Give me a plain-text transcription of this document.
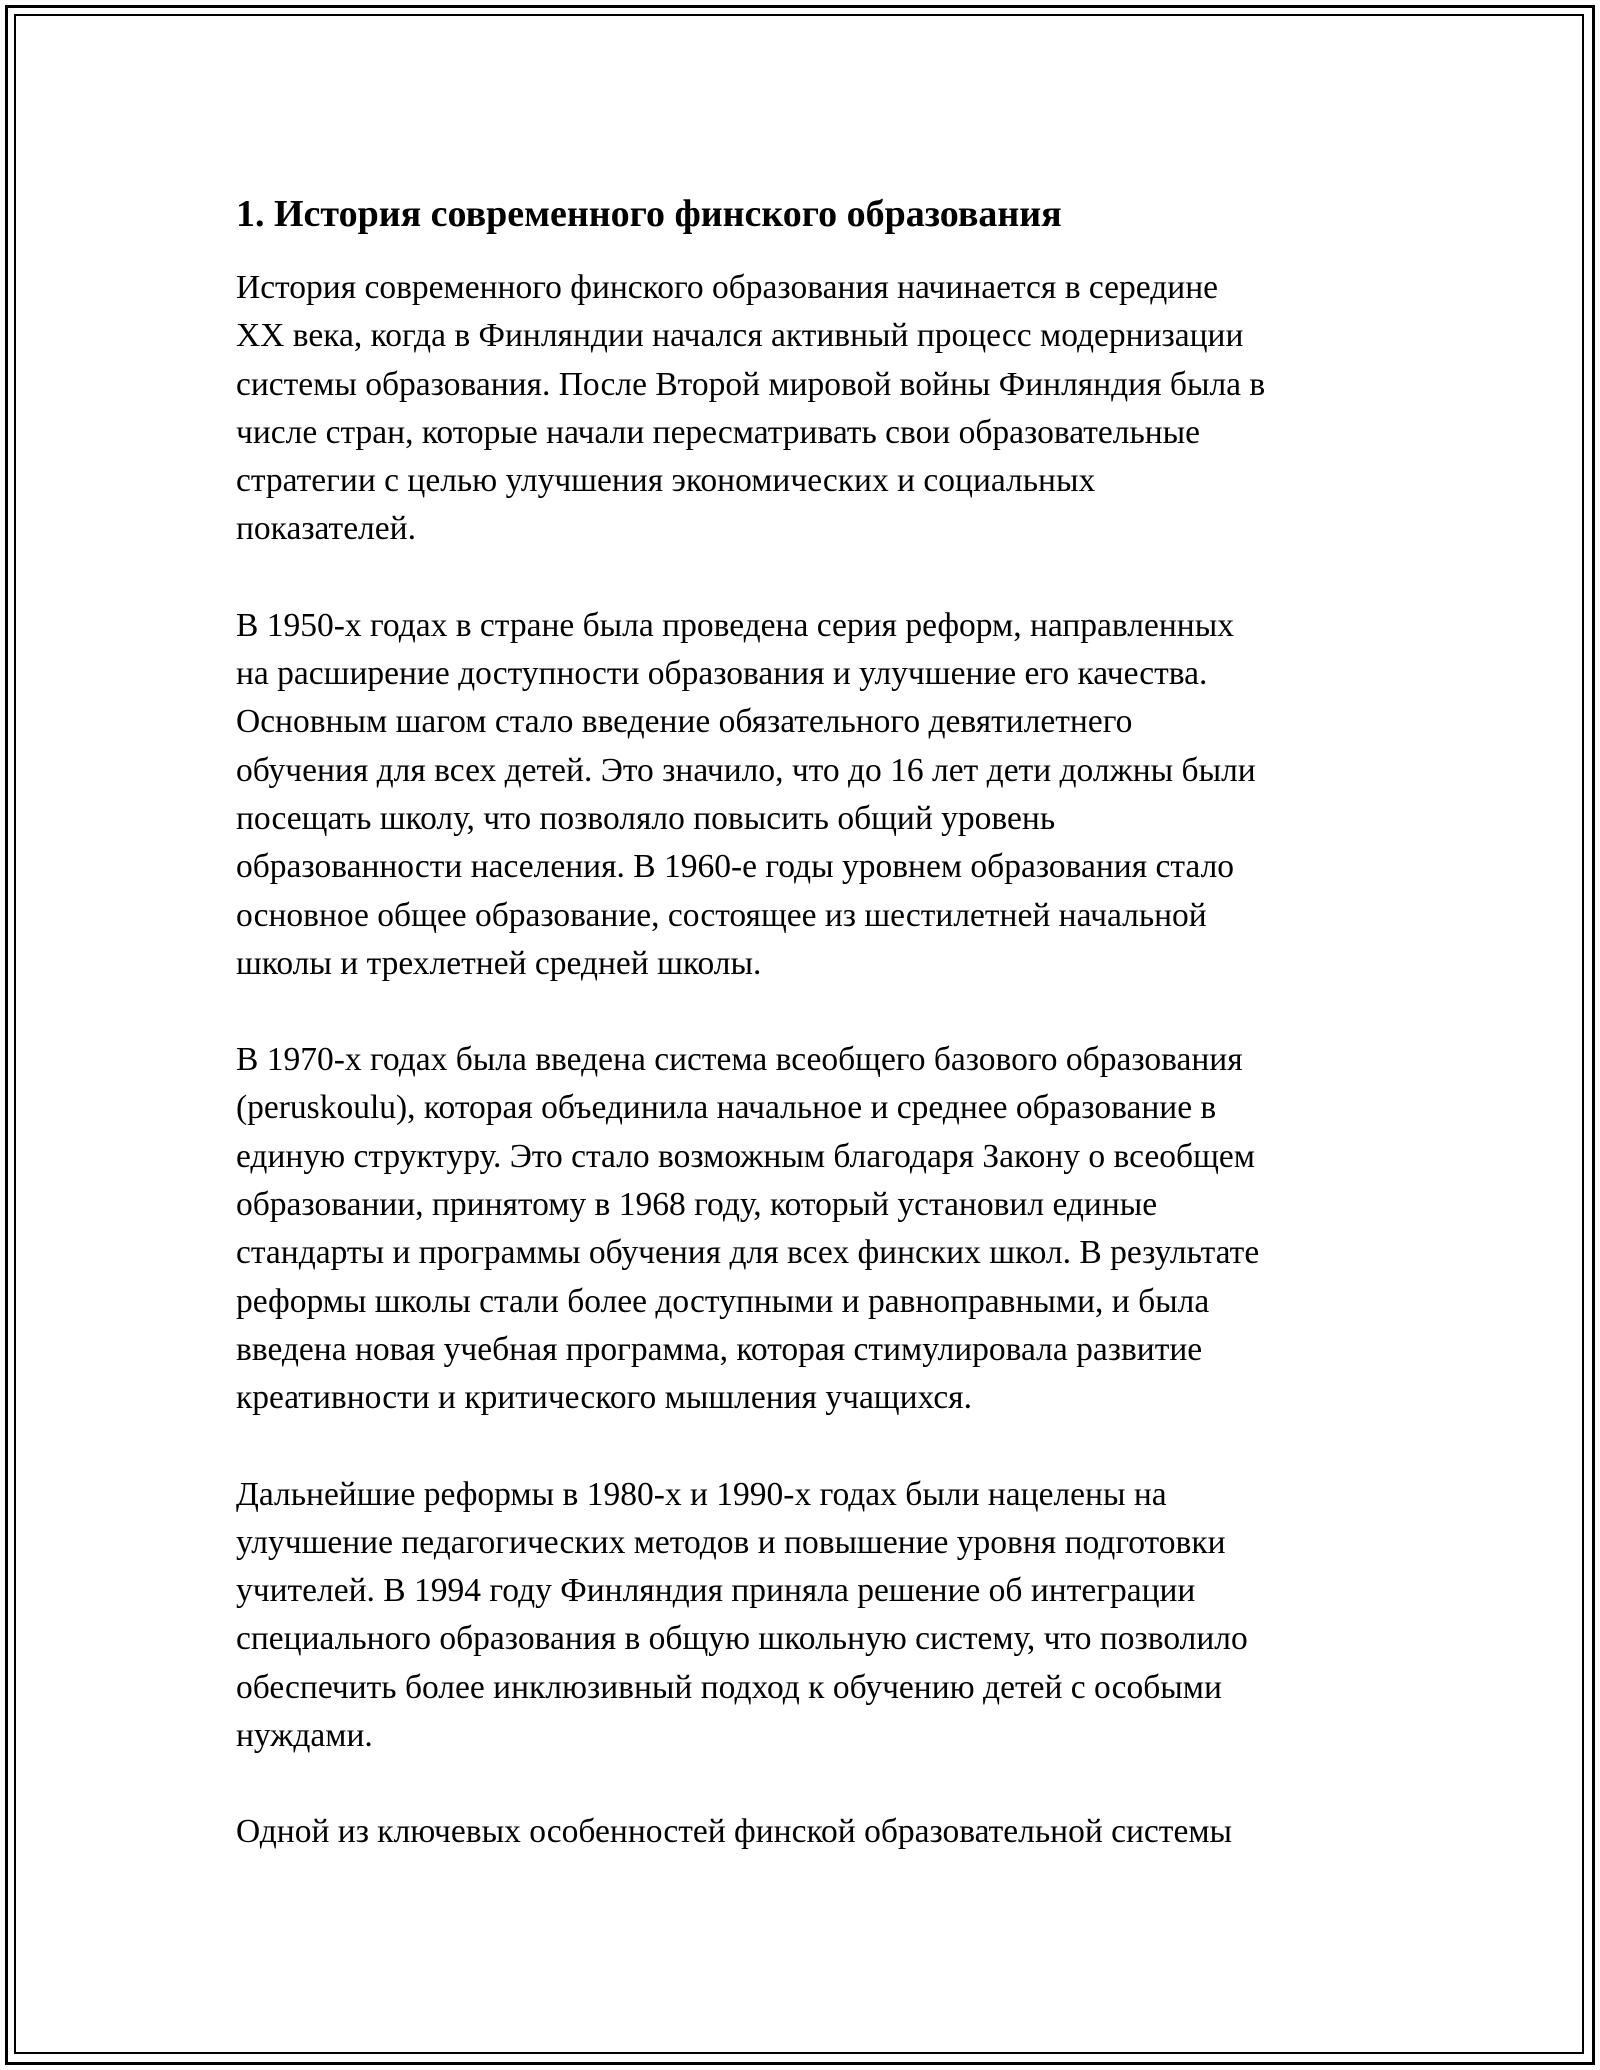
1. История современного финского образования

История современного финского образования начинается в середине
XX века, когда в Финляндии начался активный процесс модернизации
системы образования. После Второй мировой войны Финляндия была в
числе стран, которые начали пересматривать свои образовательные
стратегии с целью улучшения экономических и социальных
показателей.

В 1950-х годах в стране была проведена серия реформ, направленных
на расширение доступности образования и улучшение его качества.
Основным шагом стало введение обязательного девятилетнего
обучения для всех детей. Это значило, что до 16 лет дети должны были
посещать школу, что позволяло повысить общий уровень
образованности населения. В 1960-е годы уровнем образования стало
основное общее образование, состоящее из шестилетней начальной
школы и трехлетней средней школы.

В 1970-х годах была введена система всеобщего базового образования
(peruskoulu), которая объединила начальное и среднее образование в
единую структуру. Это стало возможным благодаря Закону о всеобщем
образовании, принятому в 1968 году, который установил единые
стандарты и программы обучения для всех финских школ. В результате
реформы школы стали более доступными и равноправными, и была
введена новая учебная программа, которая стимулировала развитие
креативности и критического мышления учащихся.

Дальнейшие реформы в 1980-х и 1990-х годах были нацелены на
улучшение педагогических методов и повышение уровня подготовки
учителей. В 1994 году Финляндия приняла решение об интеграции
специального образования в общую школьную систему, что позволило
обеспечить более инклюзивный подход к обучению детей с особыми
нуждами.

Одной из ключевых особенностей финской образовательной системы
